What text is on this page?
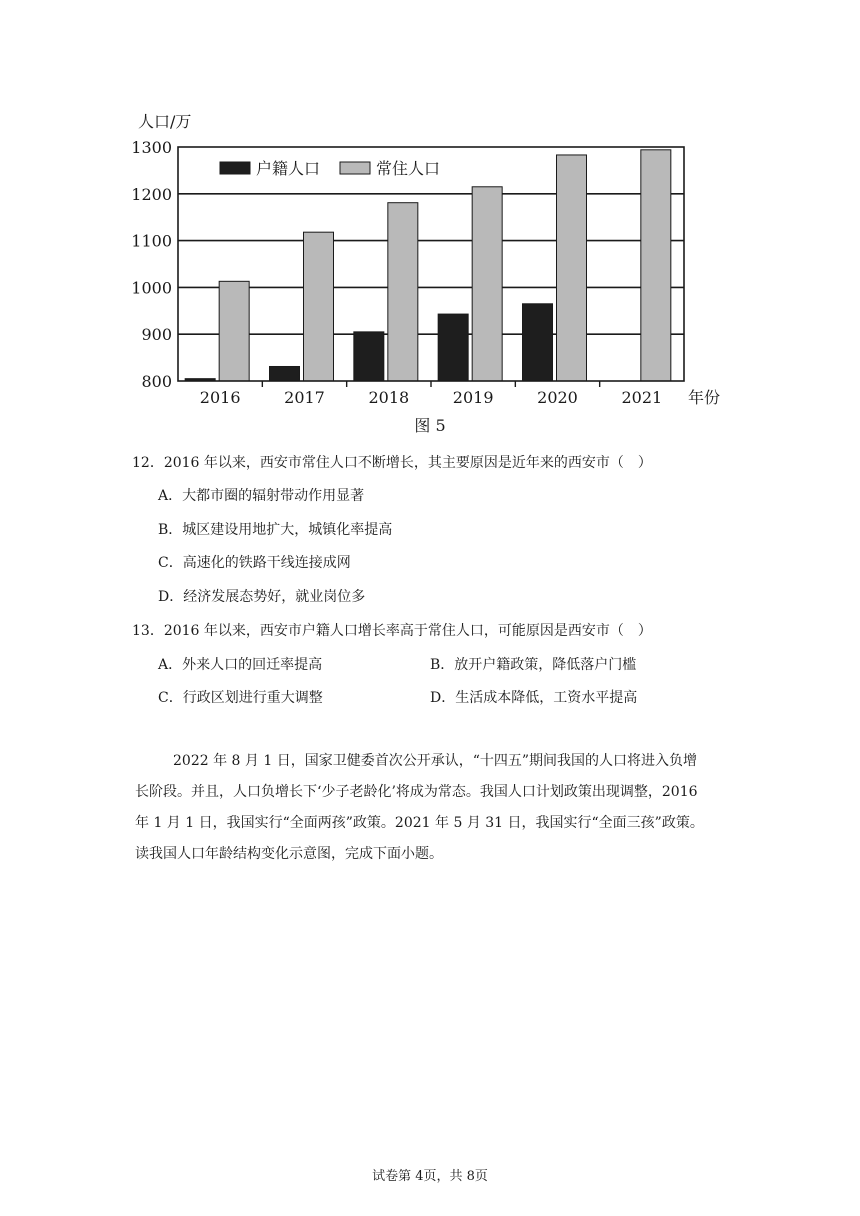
800
900
1000
1100
1200
1300
2016	2017	2018	2019	2020	2021
人口/万
年份
户籍人口	常住人口
图 5
12．2016 年以来，西安市常住人口不断增长，其主要原因是近年来的西安市（　）
A．大都市圈的辐射带动作用显著
B．城区建设用地扩大，城镇化率提高
C．高速化的铁路干线连接成网
D．经济发展态势好，就业岗位多
13．2016 年以来，西安市户籍人口增长率高于常住人口，可能原因是西安市（　）
A．外来人口的回迁率提高	B．放开户籍政策，降低落户门槛
C．行政区划进行重大调整	D．生活成本降低，工资水平提高
2022 年 8 月 1 日，国家卫健委首次公开承认，“十四五”期间我国的人口将进入负增
长阶段。并且，人口负增长下‘少子老龄化’将成为常态。我国人口计划政策出现调整，2016
年 1 月 1 日，我国实行“全面两孩”政策。2021 年 5 月 31 日，我国实行“全面三孩”政策。
读我国人口年龄结构变化示意图，完成下面小题。
试卷第 4页，共 8页
